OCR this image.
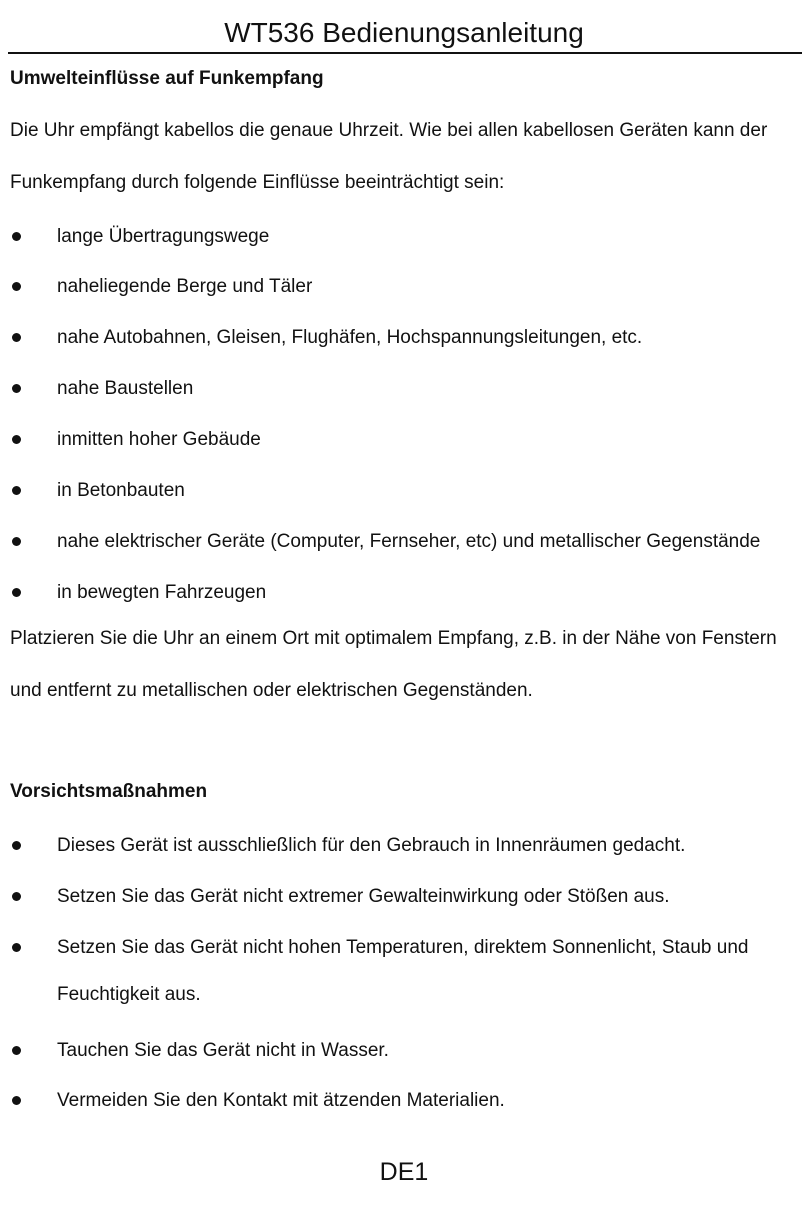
WT536 Bedienungsanleitung
Umwelteinflüsse auf Funkempfang
Die Uhr empfängt kabellos die genaue Uhrzeit. Wie bei allen kabellosen Geräten kann der
Funkempfang durch folgende Einflüsse beeinträchtigt sein:
lange Übertragungswege
naheliegende Berge und Täler
nahe Autobahnen, Gleisen, Flughäfen, Hochspannungsleitungen, etc.
nahe Baustellen
inmitten hoher Gebäude
in Betonbauten
nahe elektrischer Geräte (Computer, Fernseher, etc) und metallischer Gegenstände
in bewegten Fahrzeugen
Platzieren Sie die Uhr an einem Ort mit optimalem Empfang, z.B. in der Nähe von Fenstern
und entfernt zu metallischen oder elektrischen Gegenständen.
Vorsichtsmaßnahmen
Dieses Gerät ist ausschließlich für den Gebrauch in Innenräumen gedacht.
Setzen Sie das Gerät nicht extremer Gewalteinwirkung oder Stößen aus.
Setzen Sie das Gerät nicht hohen Temperaturen, direktem Sonnenlicht, Staub und Feuchtigkeit aus.
Tauchen Sie das Gerät nicht in Wasser.
Vermeiden Sie den Kontakt mit ätzenden Materialien.
DE1
